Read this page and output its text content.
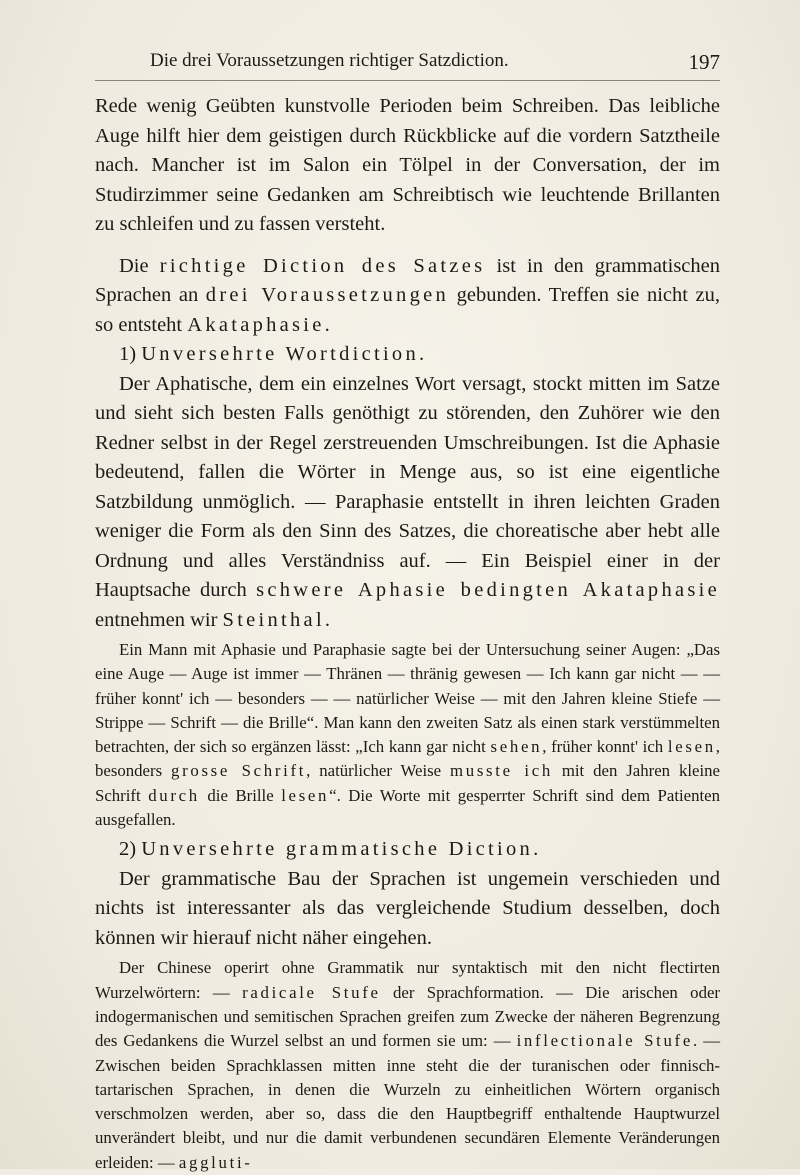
Die drei Voraussetzungen richtiger Satzdiction.	197

Rede wenig Geübten kunstvolle Perioden beim Schreiben. Das leibliche Auge hilft hier dem geistigen durch Rückblicke auf die vordern Satztheile nach. Mancher ist im Salon ein Tölpel in der Conversation, der im Studirzimmer seine Gedanken am Schreibtisch wie leuchtende Brillanten zu schleifen und zu fassen versteht.

Die richtige Diction des Satzes ist in den grammatischen Sprachen an drei Voraussetzungen gebunden. Treffen sie nicht zu, so entsteht Akataphasie.

1) Unversehrte Wortdiction.

Der Aphatische, dem ein einzelnes Wort versagt, stockt mitten im Satze und sieht sich besten Falls genöthigt zu störenden, den Zuhörer wie den Redner selbst in der Regel zerstreuenden Umschreibungen. Ist die Aphasie bedeutend, fallen die Wörter in Menge aus, so ist eine eigentliche Satzbildung unmöglich. — Paraphasie entstellt in ihren leichten Graden weniger die Form als den Sinn des Satzes, die choreatische aber hebt alle Ordnung und alles Verständniss auf. — Ein Beispiel einer in der Hauptsache durch schwere Aphasie bedingten Akataphasie entnehmen wir Steinthal.

Ein Mann mit Aphasie und Paraphasie sagte bei der Untersuchung seiner Augen: „Das eine Auge — Auge ist immer — Thränen — thränig gewesen — Ich kann gar nicht — — früher konnt' ich — besonders — — natürlicher Weise — mit den Jahren kleine Stiefe — Strippe — Schrift — die Brille“. Man kann den zweiten Satz als einen stark verstümmelten betrachten, der sich so ergänzen lässt: „Ich kann gar nicht sehen, früher konnt' ich lesen, besonders grosse Schrift, natürlicher Weise musste ich mit den Jahren kleine Schrift durch die Brille lesen“. Die Worte mit gesperrter Schrift sind dem Patienten ausgefallen.

2) Unversehrte grammatische Diction.

Der grammatische Bau der Sprachen ist ungemein verschieden und nichts ist interessanter als das vergleichende Studium desselben, doch können wir hierauf nicht näher eingehen.

Der Chinese operirt ohne Grammatik nur syntaktisch mit den nicht flectirten Wurzelwörtern: — radicale Stufe der Sprachformation. — Die arischen oder indogermanischen und semitischen Sprachen greifen zum Zwecke der näheren Begrenzung des Gedankens die Wurzel selbst an und formen sie um: — inflectionale Stufe. — Zwischen beiden Sprachklassen mitten inne steht die der turanischen oder finnisch-tartarischen Sprachen, in denen die Wurzeln zu einheitlichen Wörtern organisch verschmolzen werden, aber so, dass die den Hauptbegriff enthaltende Hauptwurzel unverändert bleibt, und nur die damit verbundenen secundären Elemente Veränderungen erleiden: — aggluti-
